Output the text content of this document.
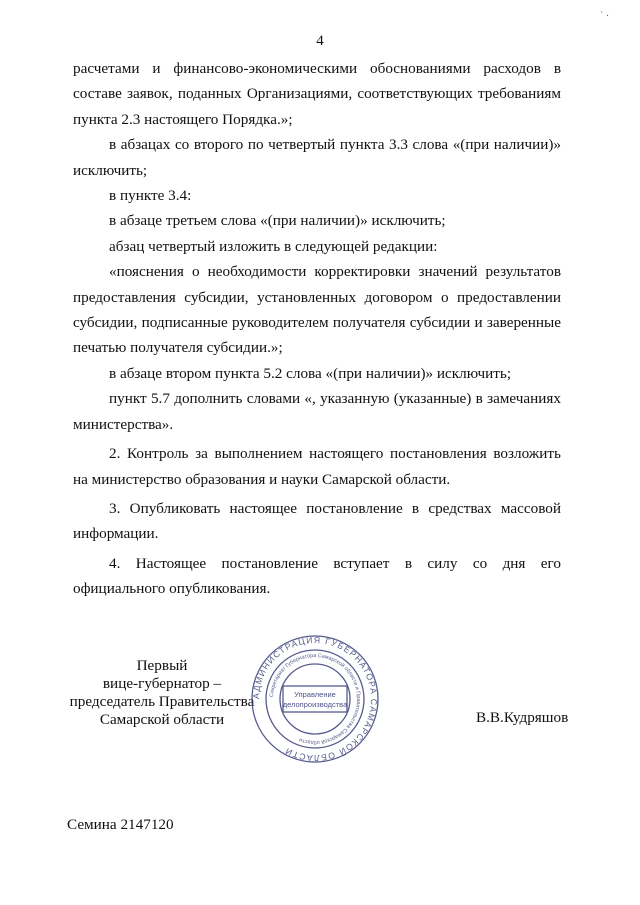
` ·
4

расчетами и финансово-экономическими обоснованиями расходов в составе заявок, поданных Организациями, соответствующих требованиям пункта 2.3 настоящего Порядка.»;

в абзацах со второго по четвертый пункта 3.3 слова «(при наличии)» исключить;

в пункте 3.4:

в абзаце третьем слова «(при наличии)» исключить;

абзац четвертый изложить в следующей редакции:

«пояснения о необходимости корректировки значений результатов предоставления субсидии, установленных договором о предоставлении субсидии, подписанные руководителем получателя субсидии и заверенные печатью получателя субсидии.»;

в абзаце втором пункта 5.2 слова «(при наличии)» исключить;

пункт 5.7 дополнить словами «, указанную (указанные) в замечаниях министерства».

2. Контроль за выполнением настоящего постановления возложить на министерство образования и науки Самарской области.

3. Опубликовать настоящее постановление в средствах массовой информации.

4. Настоящее постановление вступает в силу со дня его официального опубликования.

Первый
вице-губернатор –
председатель Правительства
Самарской области
АДМИНИСТРАЦИЯ ГУБЕРНАТОРА САМАРСКОЙ ОБЛАСТИ
Секретариат Губернатора Самарской области и Правительства Самарской области
Управление
делопроизводства
В.В.Кудряшов
Семина 2147120
